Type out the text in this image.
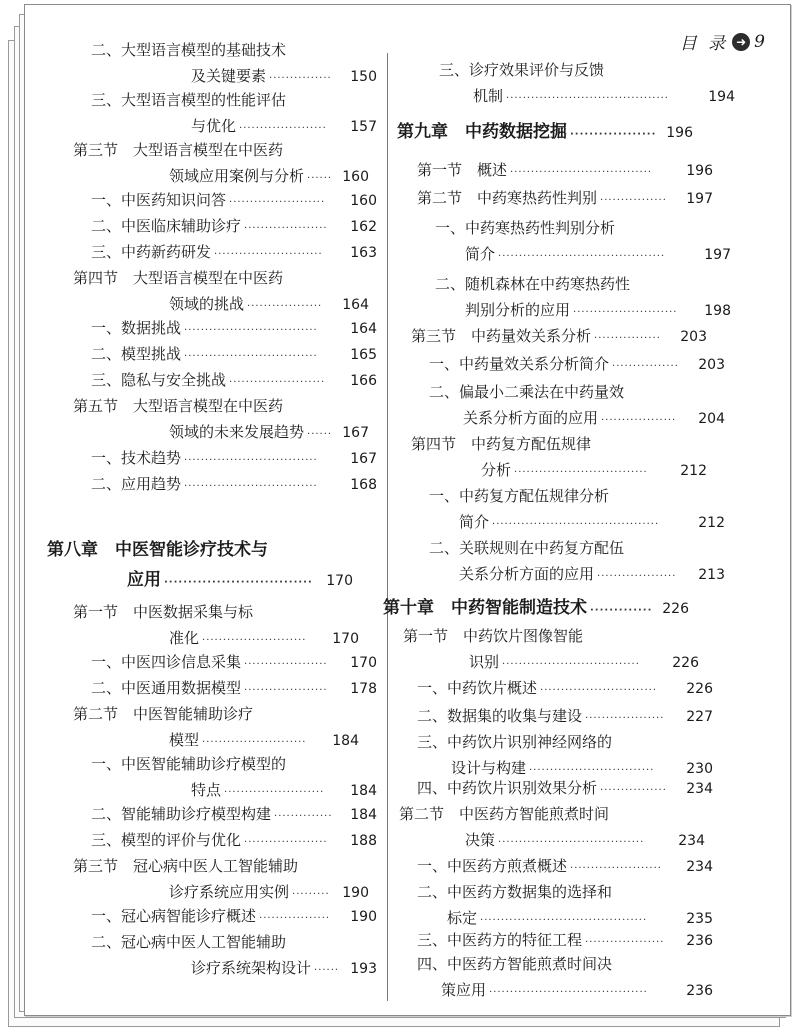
目 录 ➜ 9
二、大型语言模型的基础技术
及关键要素 ···············	150
三、大型语言模型的性能评估
与优化 ·····················	157
第三节　大型语言模型在中医药
领域应用案例与分析 ······ 160
一、中医药知识问答 ·······················	160
二、中医临床辅助诊疗 ····················	162
三、中药新药研发 ··························	163
第四节　大型语言模型在中医药
领域的挑战 ··················	164
一、数据挑战 ································	164
二、模型挑战 ································	165
三、隐私与安全挑战 ·······················	166
第五节　大型语言模型在中医药
领域的未来发展趋势 ······ 167
一、技术趋势 ································	167
二、应用趋势 ································	168
第八章　中医智能诊疗技术与
应用 ······························· 170
第一节　中医数据采集与标
准化 ·························	170
一、中医四诊信息采集 ····················	170
二、中医通用数据模型 ····················	178
第二节　中医智能辅助诊疗
模型 ·························	184
一、中医智能辅助诊疗模型的
特点 ························	184
二、智能辅助诊疗模型构建 ··············	184
三、模型的评价与优化 ····················	188
第三节　冠心病中医人工智能辅助
诊疗系统应用实例 ········· 190
一、冠心病智能诊疗概述 ·················	190
二、冠心病中医人工智能辅助
诊疗系统架构设计 ······ 193
三、诊疗效果评价与反馈
机制 ·······································	194
第九章　中药数据挖掘 ·················· 196
第一节　概述 ··································	196
第二节　中药寒热药性判别 ················	197
一、中药寒热药性判别分析
简介 ········································	197
二、随机森林在中药寒热药性
判别分析的应用 ·························	198
第三节　中药量效关系分析 ················	203
一、中药量效关系分析简介 ················	203
二、偏最小二乘法在中药量效
关系分析方面的应用 ··················	204
第四节　中药复方配伍规律
分析 ································	212
一、中药复方配伍规律分析
简介 ········································	212
二、关联规则在中药复方配伍
关系分析方面的应用 ···················	213
第十章　中药智能制造技术 ············· 226
第一节　中药饮片图像智能
识别 ·································	226
一、中药饮片概述 ····························	226
二、数据集的收集与建设 ···················	227
三、中药饮片识别神经网络的
设计与构建 ······························	230
四、中药饮片识别效果分析 ················	234
第二节　中医药方智能煎煮时间
决策 ···································	234
一、中医药方煎煮概述 ······················	234
二、中医药方数据集的选择和
标定 ········································	235
三、中医药方的特征工程 ···················	236
四、中医药方智能煎煮时间决
策应用 ······································	236
